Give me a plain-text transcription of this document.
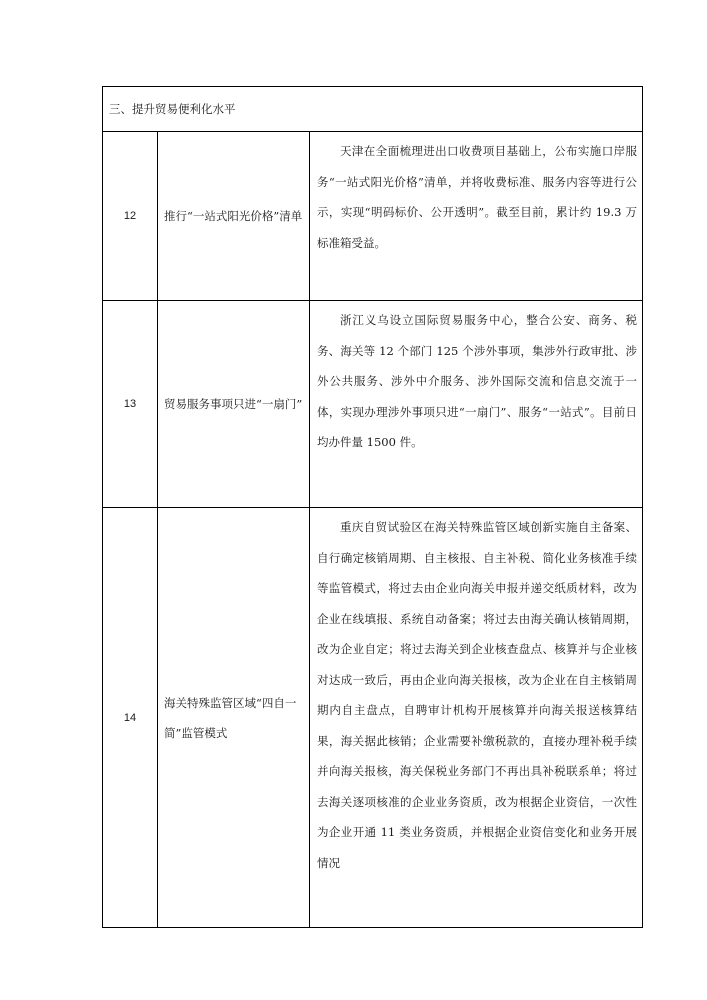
三、提升贸易便利化水平		
12	推行“一站式阳光价格”清单	天津在全面梳理进出口收费项目基础上，公布实施口岸服务“一站式阳光价格”清单，并将收费标准、服务内容等进行公示，实现“明码标价、公开透明”。截至目前，累计约 19.3 万标准箱受益。

13	贸易服务事项只进“一扇门”	浙江义乌设立国际贸易服务中心，整合公安、商务、税务、海关等 12 个部门 125 个涉外事项，集涉外行政审批、涉外公共服务、涉外中介服务、涉外国际交流和信息交流于一体，实现办理涉外事项只进“一扇门”、服务“一站式”。目前日均办件量 1500 件。

14	海关特殊监管区域“四自一简”监管模式	重庆自贸试验区在海关特殊监管区域创新实施自主备案、自行确定核销周期、自主核报、自主补税、简化业务核准手续等监管模式，将过去由企业向海关申报并递交纸质材料，改为企业在线填报、系统自动备案；将过去由海关确认核销周期，改为企业自定；将过去海关到企业核查盘点、核算并与企业核对达成一致后，再由企业向海关报核，改为企业在自主核销周期内自主盘点，自聘审计机构开展核算并向海关报送核算结果，海关据此核销；企业需要补缴税款的，直接办理补税手续并向海关报核，海关保税业务部门不再出具补税联系单；将过去海关逐项核准的企业业务资质，改为根据企业资信，一次性为企业开通 11 类业务资质，并根据企业资信变化和业务开展情况
